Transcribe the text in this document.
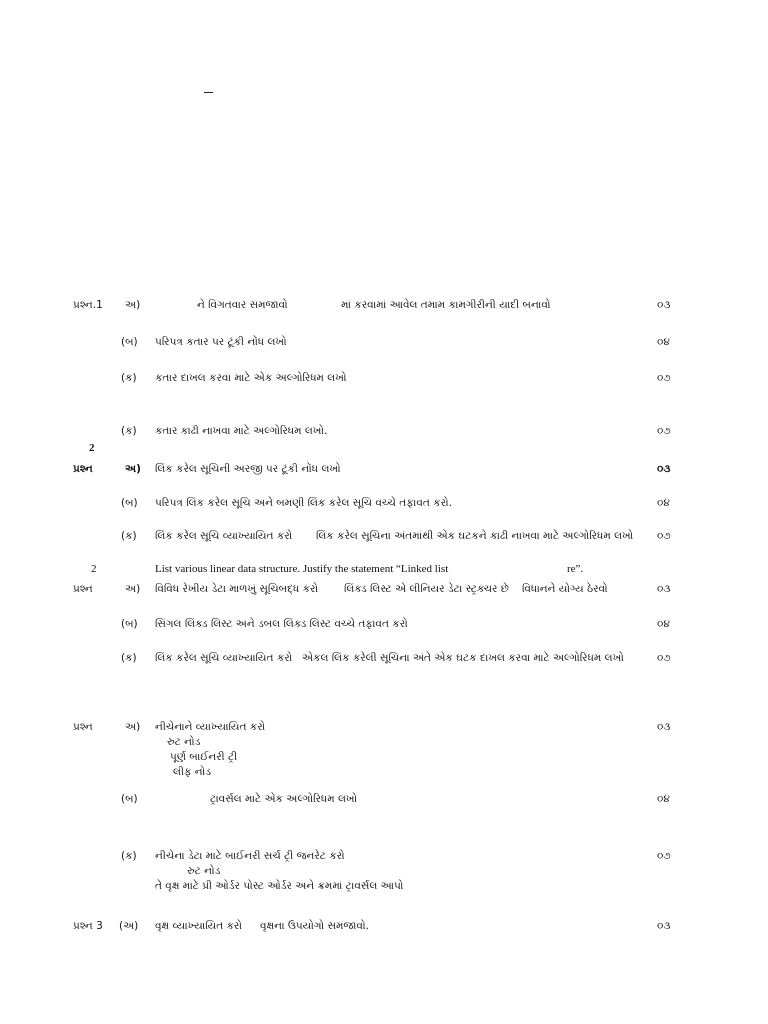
પ્રશ્ન.1 અ)	ને વિગતવાર સમજાવો	માં કરવામાં આવેલ તમામ કામગીરીની યાદી બનાવો	૦૩
(બ) પરિપત્ર કતાર પર ટૂંકી નોંધ લખો	૦૪
(ક) કતાર દાખલ કરવા માટે એક અલ્ગોરિધમ લખો	૦૭
(ક) કતાર કાઢી નાખવા માટે અલ્ગોરિધમ લખો.	૦૭
2
પ્રશ્ન	અ) લિંક કરેલ સૂચિની અરજી પર ટૂંકી નોંધ લખો	૦૩
(બ) પરિપત્ર લિંક કરેલ સૂચિ અને બમણી લિંક કરેલ સૂચિ વચ્ચે તફાવત કરો.	૦૪
(ક) લિંક કરેલ સૂચિ વ્યાખ્યાયિત કરો લિંક કરેલ સૂચિના અંતમાંથી એક ઘટકને કાઢી નાખવા માટે અલ્ગોરિધમ લખો ૦૭
2	List various linear data structure. Justify the statement “Linked list	re”.
પ્રશ્ન	અ) વિવિધ રેખીય ડેટા માળખું સૂચિબદ્ધ કરો લિંક્ડ લિસ્ટ એ લીનિયર ડેટા સ્ટ્રક્ચર છે વિધાનને યોગ્ય ઠેરવો	૦૩
(બ) સિંગલ લિંક્ડ લિસ્ટ અને ડબલ લિંક્ડ લિસ્ટ વચ્ચે તફાવત કરો	૦૪
(ક) લિંક કરેલ સૂચિ વ્યાખ્યાયિત કરો એકલ લિંક કરેલી સૂચિના અંતે એક ઘટક દાખલ કરવા માટે અલ્ગોરિધમ લખો	૦૭
પ્રશ્ન	અ) નીચેનાને વ્યાખ્યાયિત કરો	૦૩
રુટ નોડ
પૂર્ણ બાઈનરી ટ્રી
લીફ નોડ
(બ)	ટ્રાવર્સલ માટે એક અલ્ગોરિધમ લખો	૦૪
(ક) નીચેના ડેટા માટે બાઈનરી સર્ચ ટ્રી જનરેટ કરો	૦૭
રુટ નોડ
તે વૃક્ષ માટે પ્રી ઓર્ડર પોસ્ટ ઓર્ડર અને ક્રમમાં ટ્રાવર્સલ આપો
પ્રશ્ન 3 (અ) વૃક્ષ વ્યાખ્યાયિત કરો વૃક્ષના ઉપયોગો સમજાવો.	૦૩
